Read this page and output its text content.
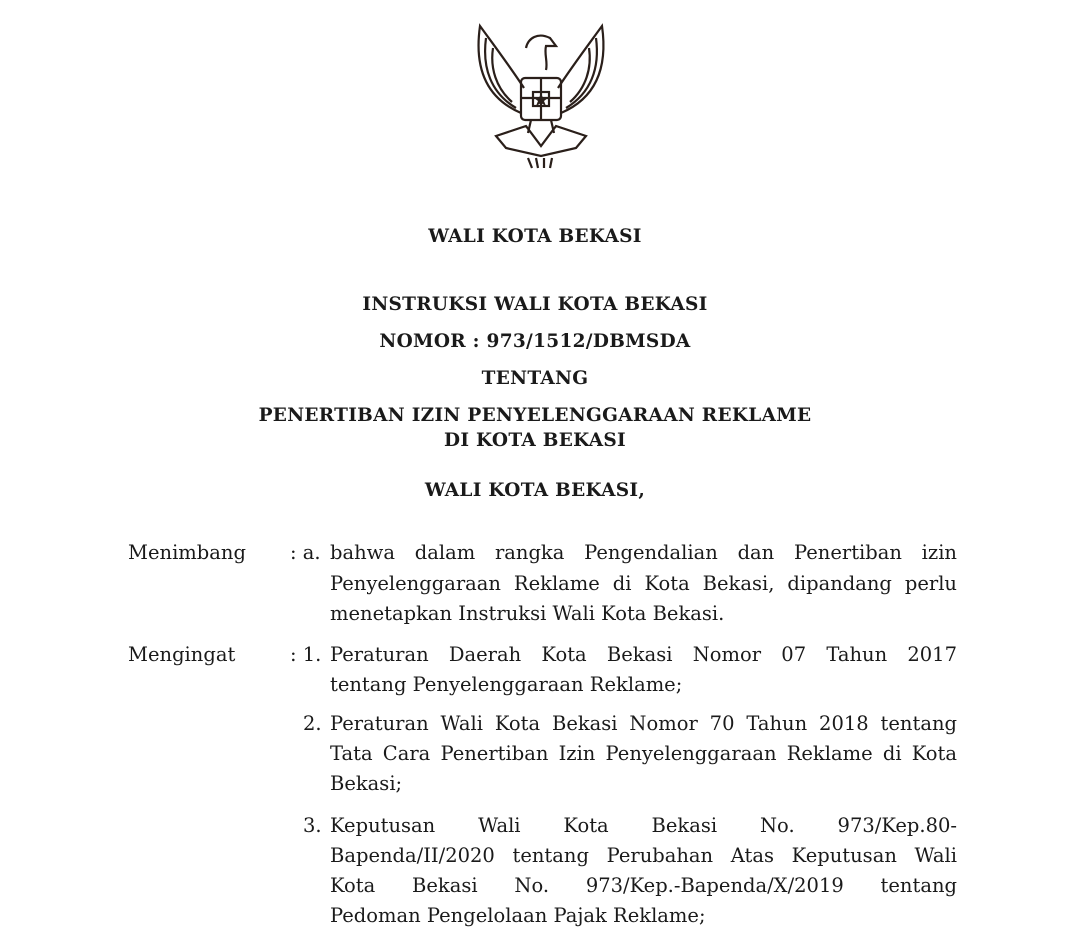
WALI KOTA BEKASI
INSTRUKSI WALI KOTA BEKASI
NOMOR : 973/1512/DBMSDA
TENTANG
PENERTIBAN IZIN PENYELENGGARAAN REKLAME
DI KOTA BEKASI
WALI KOTA BEKASI,
Menimbang : a. bahwa dalam rangka Pengendalian dan Penertiban izin
Penyelenggaraan Reklame di Kota Bekasi, dipandang perlu
menetapkan Instruksi Wali Kota Bekasi.
Mengingat	: 1. Peraturan Daerah Kota Bekasi Nomor 07 Tahun 2017
tentang Penyelenggaraan Reklame;
2. Peraturan Wali Kota Bekasi Nomor 70 Tahun 2018 tentang
Tata Cara Penertiban Izin Penyelenggaraan Reklame di Kota
Bekasi;
3. Keputusan Wali Kota Bekasi No. 973/Kep.80-
Bapenda/II/2020 tentang Perubahan Atas Keputusan Wali
Kota Bekasi No. 973/Kep.-Bapenda/X/2019 tentang
Pedoman Pengelolaan Pajak Reklame;
